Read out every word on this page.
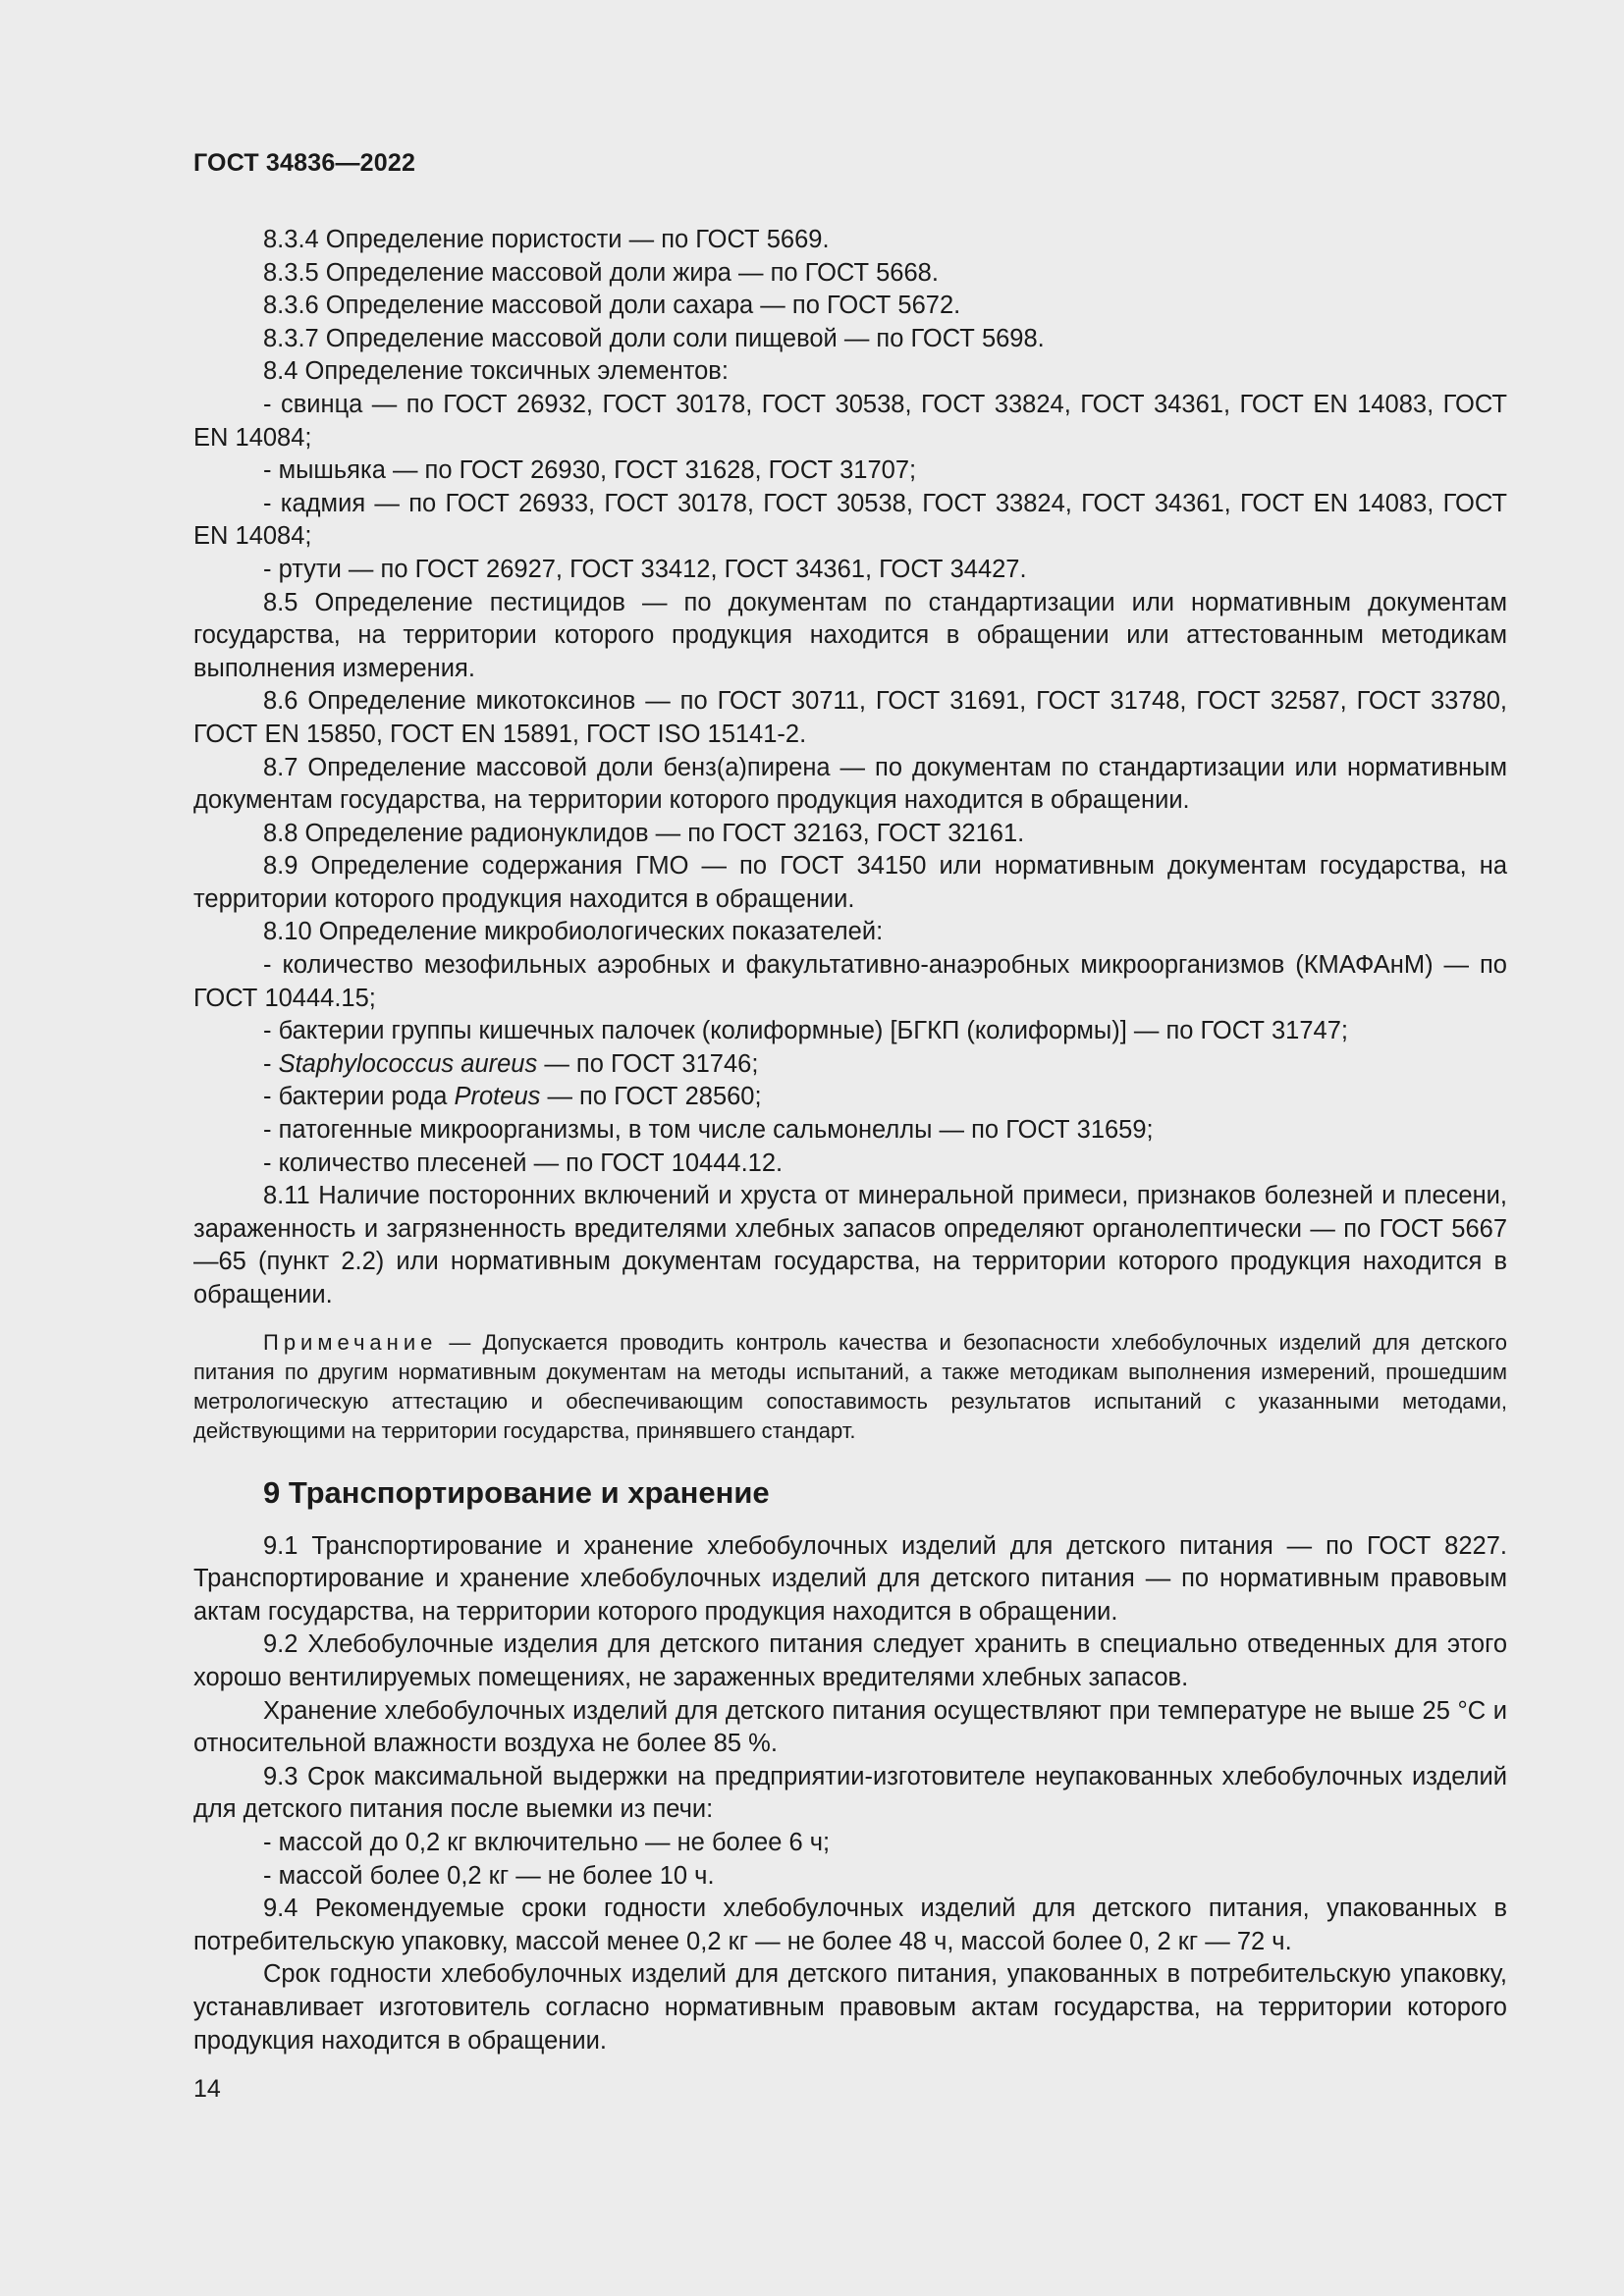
ГОСТ 34836—2022

8.3.4 Определение пористости — по ГОСТ 5669.

8.3.5 Определение массовой доли жира — по ГОСТ 5668.

8.3.6 Определение массовой доли сахара — по ГОСТ 5672.

8.3.7 Определение массовой доли соли пищевой — по ГОСТ 5698.

8.4 Определение токсичных элементов:

- свинца — по ГОСТ 26932, ГОСТ 30178, ГОСТ 30538, ГОСТ 33824, ГОСТ 34361, ГОСТ EN 14083, ГОСТ EN 14084;

- мышьяка — по ГОСТ 26930, ГОСТ 31628, ГОСТ 31707;

- кадмия — по ГОСТ 26933, ГОСТ 30178, ГОСТ 30538, ГОСТ 33824, ГОСТ 34361, ГОСТ EN 14083, ГОСТ EN 14084;

- ртути — по ГОСТ 26927, ГОСТ 33412, ГОСТ 34361, ГОСТ 34427.

8.5 Определение пестицидов — по документам по стандартизации или нормативным документам государства, на территории которого продукция находится в обращении или аттестованным методикам выполнения измерения.

8.6 Определение микотоксинов — по ГОСТ 30711, ГОСТ 31691, ГОСТ 31748, ГОСТ 32587, ГОСТ 33780, ГОСТ EN 15850, ГОСТ EN 15891, ГОСТ ISO 15141-2.

8.7 Определение массовой доли бенз(а)пирена — по документам по стандартизации или нормативным документам государства, на территории которого продукция находится в обращении.

8.8 Определение радионуклидов — по ГОСТ 32163, ГОСТ 32161.

8.9 Определение содержания ГМО — по ГОСТ 34150 или нормативным документам государства, на территории которого продукция находится в обращении.

8.10 Определение микробиологических показателей:

- количество мезофильных аэробных и факультативно-анаэробных микроорганизмов (КМАФАнМ) — по ГОСТ 10444.15;

- бактерии группы кишечных палочек (колиформные) [БГКП (колиформы)] — по ГОСТ 31747;

- Staphylococcus aureus — по ГОСТ 31746;

- бактерии рода Proteus — по ГОСТ 28560;

- патогенные микроорганизмы, в том числе сальмонеллы — по ГОСТ 31659;

- количество плесеней — по ГОСТ 10444.12.

8.11 Наличие посторонних включений и хруста от минеральной примеси, признаков болезней и плесени, зараженность и загрязненность вредителями хлебных запасов определяют органолептически — по ГОСТ 5667—65 (пункт 2.2) или нормативным документам государства, на территории которого продукция находится в обращении.

Примечание — Допускается проводить контроль качества и безопасности хлебобулочных изделий для детского питания по другим нормативным документам на методы испытаний, а также методикам выполнения измерений, прошедшим метрологическую аттестацию и обеспечивающим сопоставимость результатов испытаний с указанными методами, действующими на территории государства, принявшего стандарт.

9 Транспортирование и хранение

9.1 Транспортирование и хранение хлебобулочных изделий для детского питания — по ГОСТ 8227. Транспортирование и хранение хлебобулочных изделий для детского питания — по нормативным правовым актам государства, на территории которого продукция находится в обращении.

9.2 Хлебобулочные изделия для детского питания следует хранить в специально отведенных для этого хорошо вентилируемых помещениях, не зараженных вредителями хлебных запасов.

Хранение хлебобулочных изделий для детского питания осуществляют при температуре не выше 25 °С и относительной влажности воздуха не более 85 %.

9.3 Срок максимальной выдержки на предприятии-изготовителе неупакованных хлебобулочных изделий для детского питания после выемки из печи:

- массой до 0,2 кг включительно — не более 6 ч;

- массой более 0,2 кг — не более 10 ч.

9.4 Рекомендуемые сроки годности хлебобулочных изделий для детского питания, упакованных в потребительскую упаковку, массой менее 0,2 кг — не более 48 ч, массой более 0, 2 кг — 72 ч.

Срок годности хлебобулочных изделий для детского питания, упакованных в потребительскую упаковку, устанавливает изготовитель согласно нормативным правовым актам государства, на территории которого продукция находится в обращении.

14
